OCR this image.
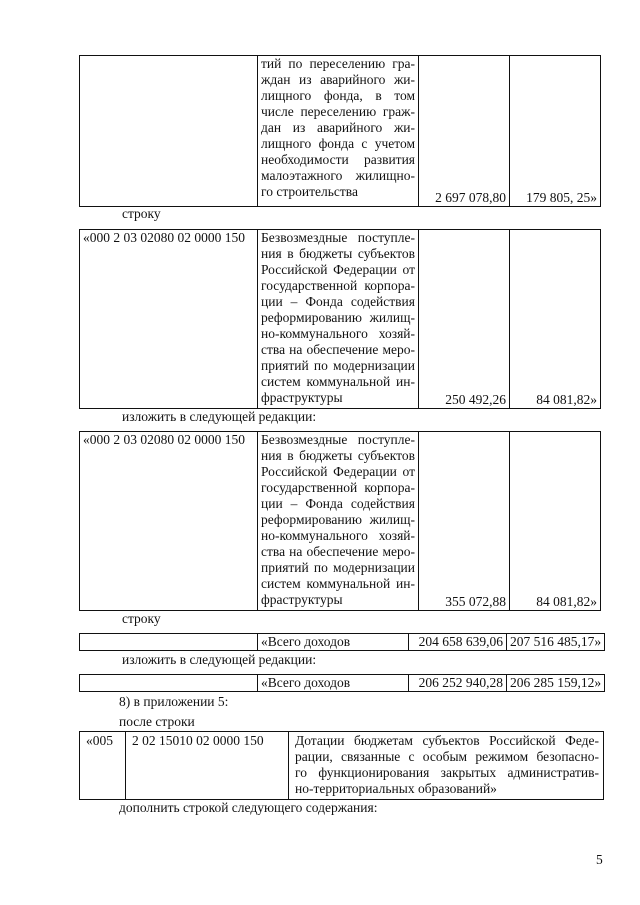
тий по переселению гра-
ждан из аварийного жи-
лищного фонда, в том
числе переселению граж-
дан из аварийного жи-
лищного фонда с учетом
необходимости развития
малоэтажного жилищно-
го строительства	2 697 078,80	179 805, 25»
строку
«000 2 03 02080 02 0000 150	Безвозмездные поступле-
ния в бюджеты субъектов
Российской Федерации от
государственной корпора-
ции – Фонда содействия
реформированию жилищ-
но-коммунального хозяй-
ства на обеспечение меро-
приятий по модернизации
систем коммунальной ин-
фраструктуры	250 492,26	84 081,82»
изложить в следующей редакции:
«000 2 03 02080 02 0000 150	Безвозмездные поступле-
ния в бюджеты субъектов
Российской Федерации от
государственной корпора-
ции – Фонда содействия
реформированию жилищ-
но-коммунального хозяй-
ства на обеспечение меро-
приятий по модернизации
систем коммунальной ин-
фраструктуры	355 072,88	84 081,82»
строку
	«Всего доходов	204 658 639,06	207 516 485,17»
изложить в следующей редакции:
	«Всего доходов	206 252 940,28	206 285 159,12»
8) в приложении 5:
после строки
«005	2 02 15010 02 0000 150	Дотации бюджетам субъектов Российской Феде-
рации, связанные с особым режимом безопасно-
го функционирования закрытых административ-
но-территориальных образований»
дополнить строкой следующего содержания:
5
